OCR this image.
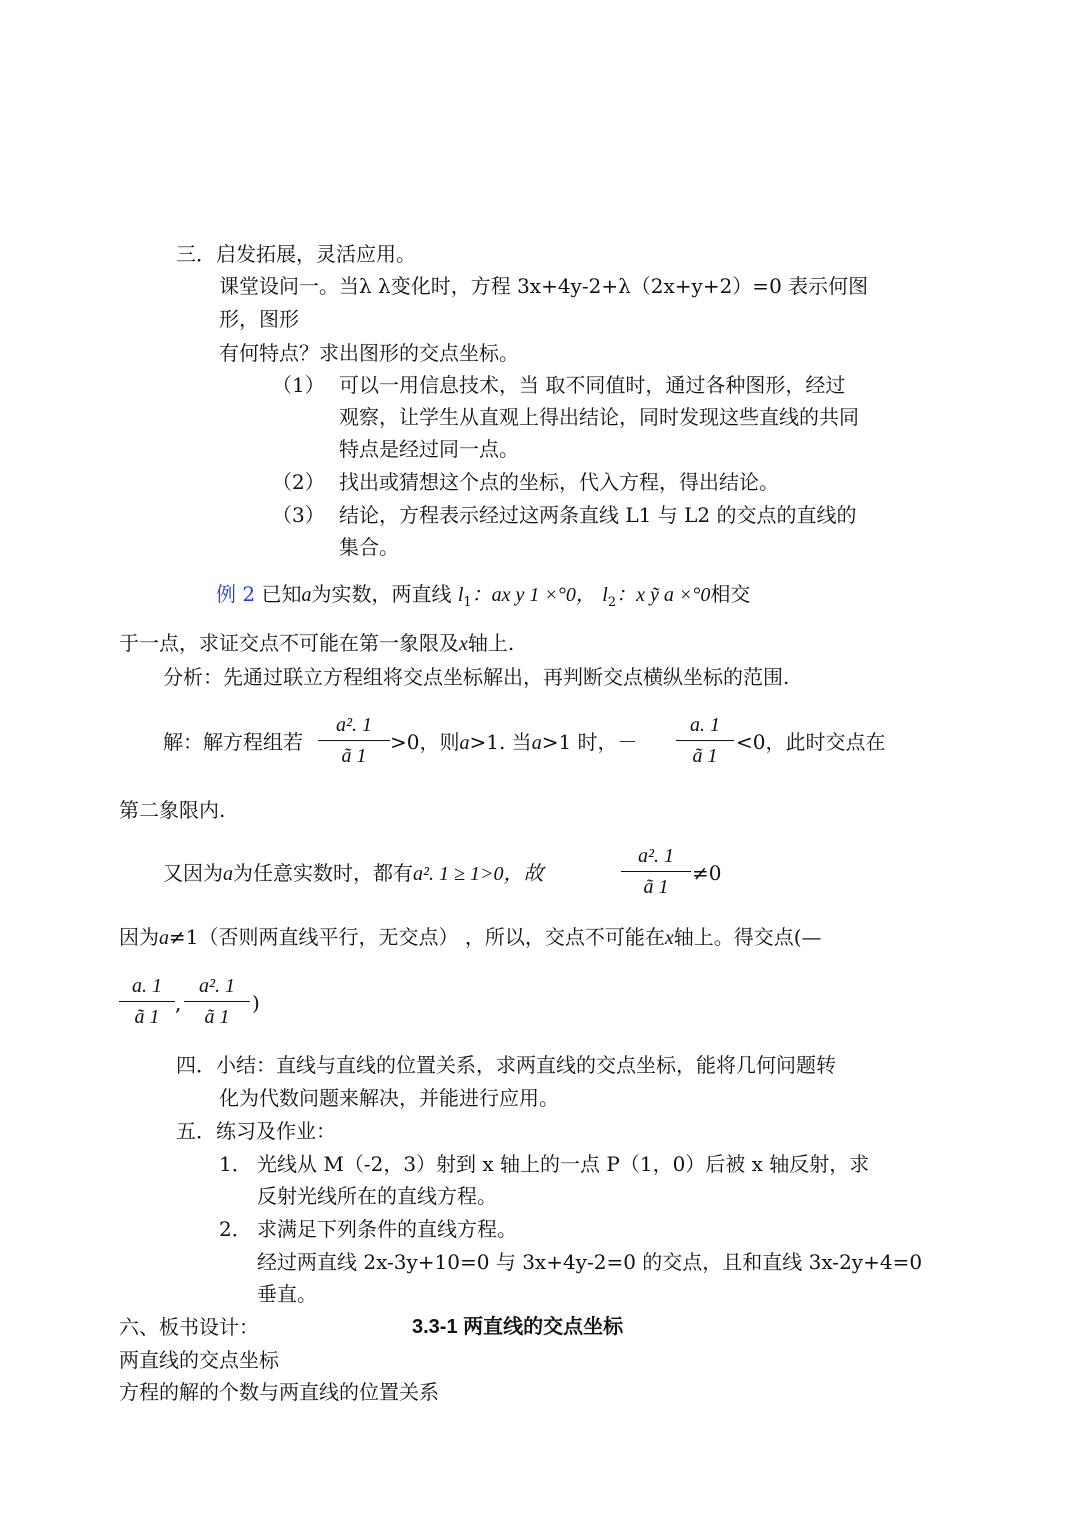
三．启发拓展，灵活应用。
课堂设问一。当λ λ变化时，方程 3x+4y-2+λ（2x+y+2）=0 表示何图
形，图形
有何特点？求出图形的交点坐标。
（1） 可以一用信息技术，当 取不同值时，通过各种图形，经过
观察，让学生从直观上得出结论，同时发现这些直线的共同
特点是经过同一点。
（2） 找出或猜想这个点的坐标，代入方程，得出结论。
（3） 结论，方程表示经过这两条直线 L1 与 L2 的交点的直线的
集合。
例 2 已知a为实数，两直线 $l_1$：ax y 1 ×°0， $l_2$：x ỹ a ×°0相交
于一点，求证交点不可能在第一象限及x轴上.
分析：先通过联立方程组将交点坐标解出，再判断交点横纵坐标的范围.
解：解方程组若
a². 1
ã 1
>0，则a>1. 当a>1 时，－
a. 1
ã 1
<0，此时交点在
第二象限内.
又因为a为任意实数时，都有a². 1 ≥ 1>0，故
a². 1
ã 1
≠0
因为a≠1（否则两直线平行，无交点） ，所以，交点不可能在x轴上。得交点(—
a. 1
ã 1
,
a². 1
ã 1
)
四．小结：直线与直线的位置关系，求两直线的交点坐标，能将几何问题转
化为代数问题来解决，并能进行应用。
五．练习及作业：
1． 光线从 M（-2，3）射到 x 轴上的一点 P（1，0）后被 x 轴反射，求
反射光线所在的直线方程。
2． 求满足下列条件的直线方程。
经过两直线 2x-3y+10=0 与 3x+4y-2=0 的交点，且和直线 3x-2y+4=0
垂直。
六、板书设计：	3.3-1 两直线的交点坐标
两直线的交点坐标
方程的解的个数与两直线的位置关系
